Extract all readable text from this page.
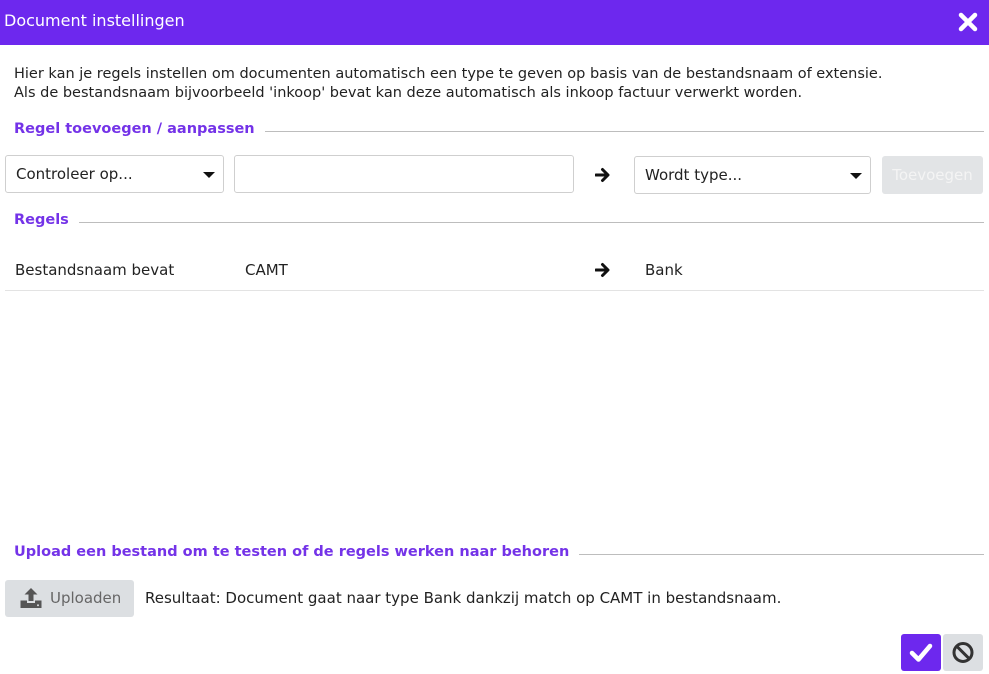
Document instellingen
Hier kan je regels instellen om documenten automatisch een type te geven op basis van de bestandsnaam of extensie.
Als de bestandsnaam bijvoorbeeld 'inkoop' bevat kan deze automatisch als inkoop factuur verwerkt worden.
Regel toevoegen / aanpassen
Controleer op...	Wordt type...	Toevoegen
Regels
Bestandsnaam bevat	CAMT	Bank
Upload een bestand om te testen of de regels werken naar behoren
Uploaden Resultaat: Document gaat naar type Bank dankzij match op CAMT in bestandsnaam.
